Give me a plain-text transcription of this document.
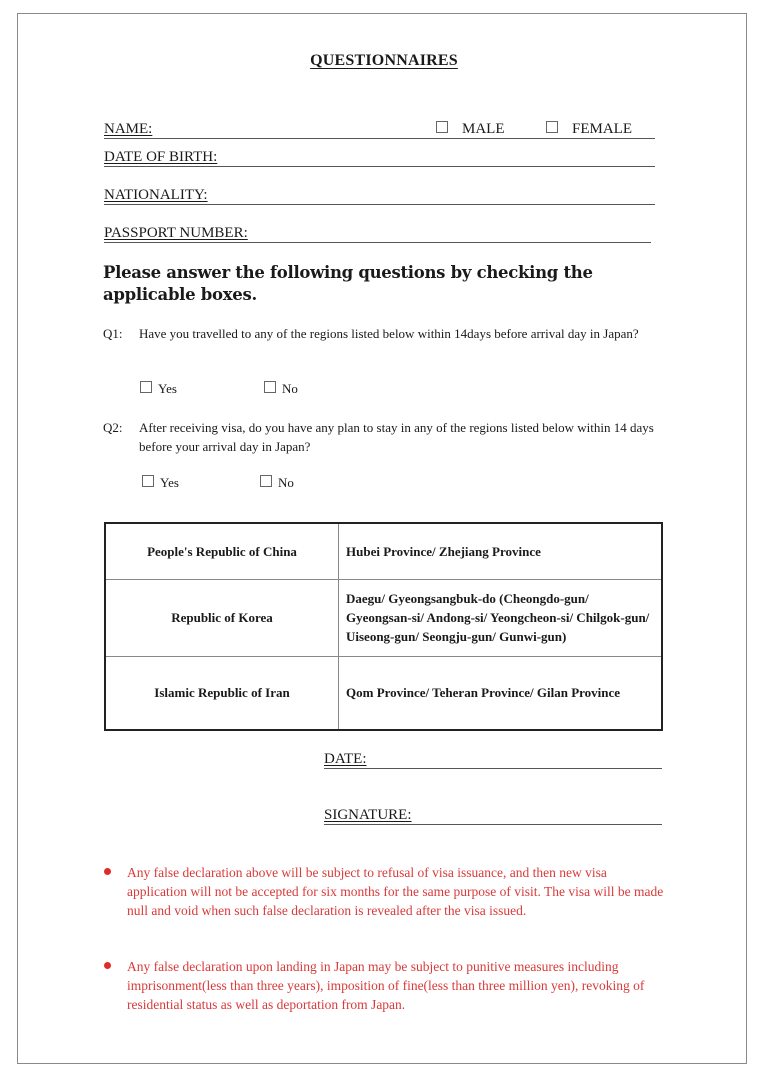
QUESTIONNAIRES
NAME:	MALE	FEMALE
DATE OF BIRTH:
NATIONALITY:
PASSPORT NUMBER:
Please answer the following questions by checking the applicable boxes.
Q1: Have you travelled to any of the regions listed below within 14days before arrival day in Japan?
Yes	No
Q2: After receiving visa, do you have any plan to stay in any of the regions listed below within 14 days before your arrival day in Japan?
Yes	No
People's Republic of China	Hubei Province/ Zhejiang Province
Republic of Korea	Daegu/ Gyeongsangbuk-do (Cheongdo-gun/ Gyeongsan-si/ Andong-si/ Yeongcheon-si/ Chilgok-gun/ Uiseong-gun/ Seongju-gun/ Gunwi-gun)
Islamic Republic of Iran	Qom Province/ Teheran Province/ Gilan Province
DATE:
SIGNATURE:
Any false declaration above will be subject to refusal of visa issuance, and then new visa application will not be accepted for six months for the same purpose of visit. The visa will be made null and void when such false declaration is revealed after the visa issued.
Any false declaration upon landing in Japan may be subject to punitive measures including imprisonment(less than three years), imposition of fine(less than three million yen), revoking of residential status as well as deportation from Japan.
